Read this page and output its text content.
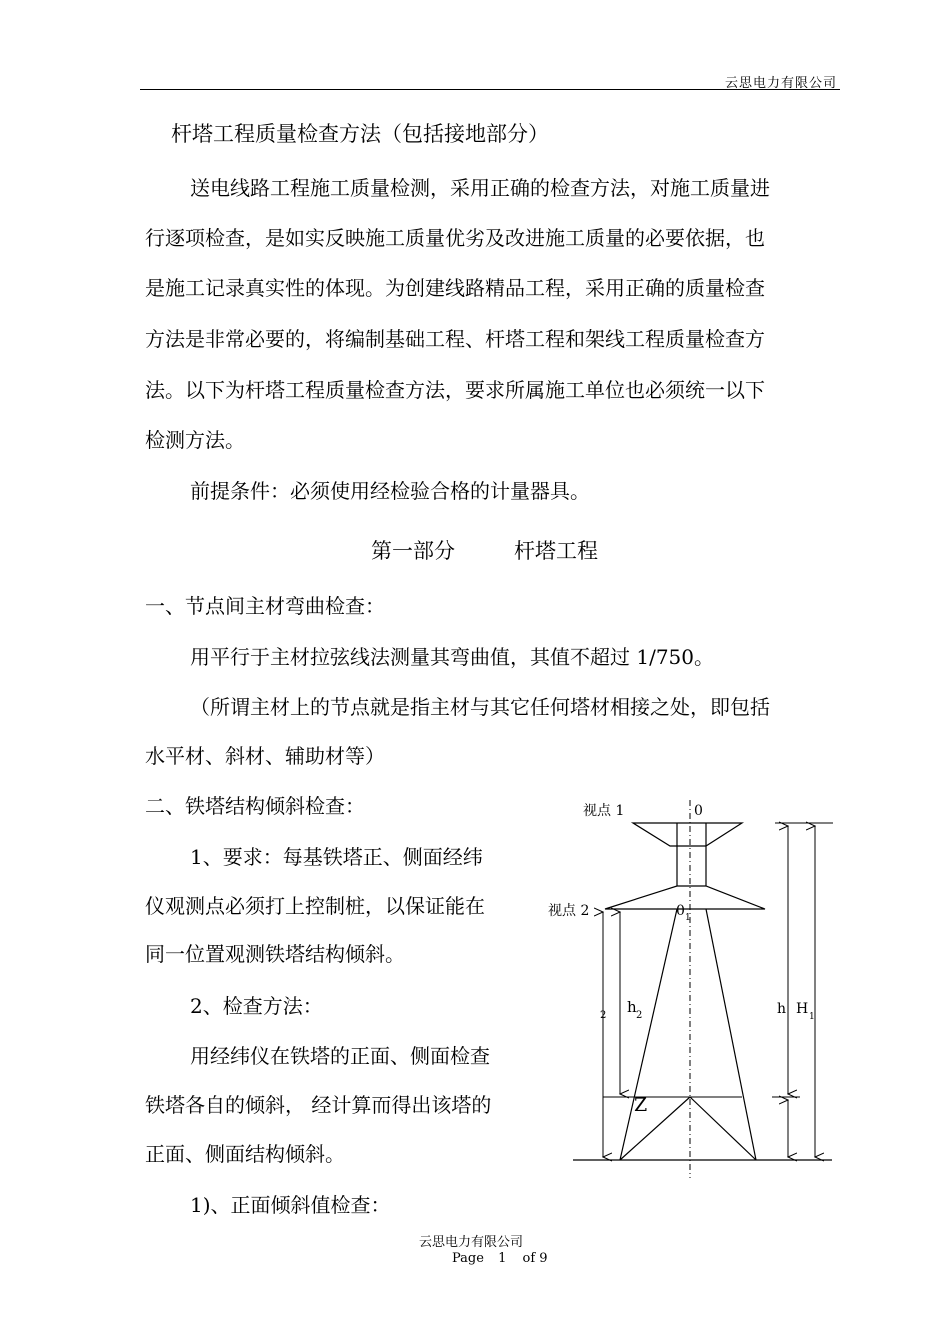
云思电力有限公司
杆塔工程质量检查方法（包括接地部分）
送电线路工程施工质量检测，采用正确的检查方法，对施工质量进
行逐项检查，是如实反映施工质量优劣及改进施工质量的必要依据，也
是施工记录真实性的体现。为创建线路精品工程，采用正确的质量检查
方法是非常必要的，将编制基础工程、杆塔工程和架线工程质量检查方
法。以下为杆塔工程质量检查方法，要求所属施工单位也必须统一以下
检测方法。
前提条件：必须使用经检验合格的计量器具。
第一部分	杆塔工程
一、节点间主材弯曲检查：
用平行于主材拉弦线法测量其弯曲值，其值不超过 1/750。
（所谓主材上的节点就是指主材与其它任何塔材相接之处，即包括
水平材、斜材、辅助材等）
二、铁塔结构倾斜检查：
1、要求：每基铁塔正、侧面经纬
仪观测点必须打上控制桩，以保证能在
同一位置观测铁塔结构倾斜。
2、检查方法：
用经纬仪在铁塔的正面、侧面检查
铁塔各自的倾斜， 经计算而得出该塔的
正面、侧面结构倾斜。
1)、正面倾斜值检查：
视点 1
视点 2
0
0 1
h 2
2	h H 1
Z
云思电力有限公司
Page 1 of 9
